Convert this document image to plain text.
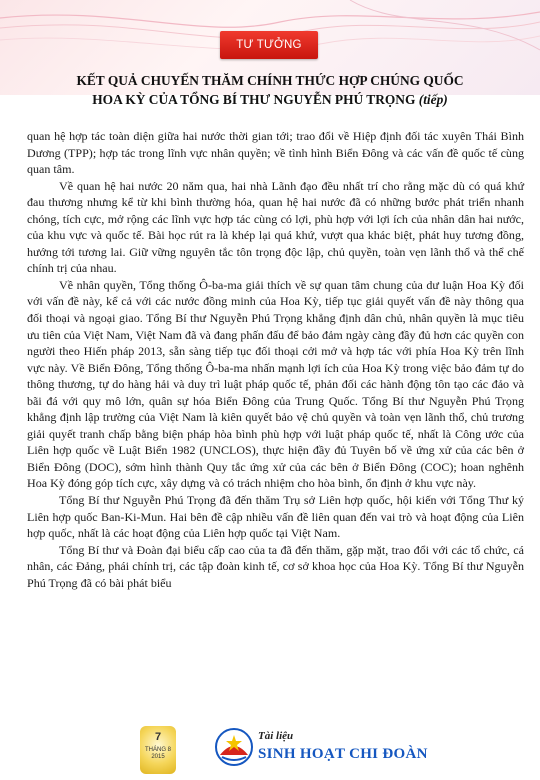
TƯ TƯỞNG
KẾT QUẢ CHUYẾN THĂM CHÍNH THỨC HỢP CHÚNG QUỐC
HOA KỲ CỦA TỔNG BÍ THƯ NGUYỄN PHÚ TRỌNG (tiếp)

quan hệ hợp tác toàn diện giữa hai nước thời gian tới; trao đổi về Hiệp định đối tác xuyên Thái Bình Dương (TPP); hợp tác trong lĩnh vực nhân quyền; về tình hình Biển Đông và các vấn đề quốc tế cùng quan tâm.

Về quan hệ hai nước 20 năm qua, hai nhà Lãnh đạo đều nhất trí cho rằng mặc dù có quá khứ đau thương nhưng kể từ khi bình thường hóa, quan hệ hai nước đã có những bước phát triển nhanh chóng, tích cực, mở rộng các lĩnh vực hợp tác cùng có lợi, phù hợp với lợi ích của nhân dân hai nước, của khu vực và quốc tế. Bài học rút ra là khép lại quá khứ, vượt qua khác biệt, phát huy tương đồng, hướng tới tương lai. Giữ vững nguyên tắc tôn trọng độc lập, chủ quyền, toàn vẹn lãnh thổ và thể chế chính trị của nhau.

Về nhân quyền, Tổng thống Ô-ba-ma giải thích về sự quan tâm chung của dư luận Hoa Kỳ đối với vấn đề này, kể cả với các nước đồng minh của Hoa Kỳ, tiếp tục giải quyết vấn đề này thông qua đối thoại và ngoại giao. Tổng Bí thư Nguyễn Phú Trọng khẳng định dân chủ, nhân quyền là mục tiêu ưu tiên của Việt Nam, Việt Nam đã và đang phấn đấu để bảo đảm ngày càng đầy đủ hơn các quyền con người theo Hiến pháp 2013, sẵn sàng tiếp tục đối thoại cởi mở và hợp tác với phía Hoa Kỳ trên lĩnh vực này. Về Biển Đông, Tổng thống Ô-ba-ma nhấn mạnh lợi ích của Hoa Kỳ trong việc bảo đảm tự do thông thương, tự do hàng hải và duy trì luật pháp quốc tế, phản đối các hành động tôn tạo các đảo và bãi đá với quy mô lớn, quân sự hóa Biển Đông của Trung Quốc. Tổng Bí thư Nguyễn Phú Trọng khẳng định lập trường của Việt Nam là kiên quyết bảo vệ chủ quyền và toàn vẹn lãnh thổ, chủ trương giải quyết tranh chấp bằng biện pháp hòa bình phù hợp với luật pháp quốc tế, nhất là Công ước của Liên hợp quốc về Luật Biển 1982 (UNCLOS), thực hiện đầy đủ Tuyên bố về ứng xử của các bên ở Biển Đông (DOC), sớm hình thành Quy tắc ứng xử của các bên ở Biển Đông (COC); hoan nghênh Hoa Kỳ đóng góp tích cực, xây dựng và có trách nhiệm cho hòa bình, ổn định ở khu vực này.

Tổng Bí thư Nguyễn Phú Trọng đã đến thăm Trụ sở Liên hợp quốc, hội kiến với Tổng Thư ký Liên hợp quốc Ban-Ki-Mun. Hai bên đề cập nhiều vấn đề liên quan đến vai trò và hoạt động của Liên hợp quốc, nhất là các hoạt động của Liên hợp quốc tại Việt Nam.

Tổng Bí thư và Đoàn đại biểu cấp cao của ta đã đến thăm, gặp mặt, trao đổi với các tổ chức, cá nhân, các Đảng, phái chính trị, các tập đoàn kinh tế, cơ sở khoa học của Hoa Kỳ. Tổng Bí thư Nguyễn Phú Trọng đã có bài phát biểu

7
THÁNG 8
2015
Tài liệu
SINH HOẠT CHI ĐOÀN
